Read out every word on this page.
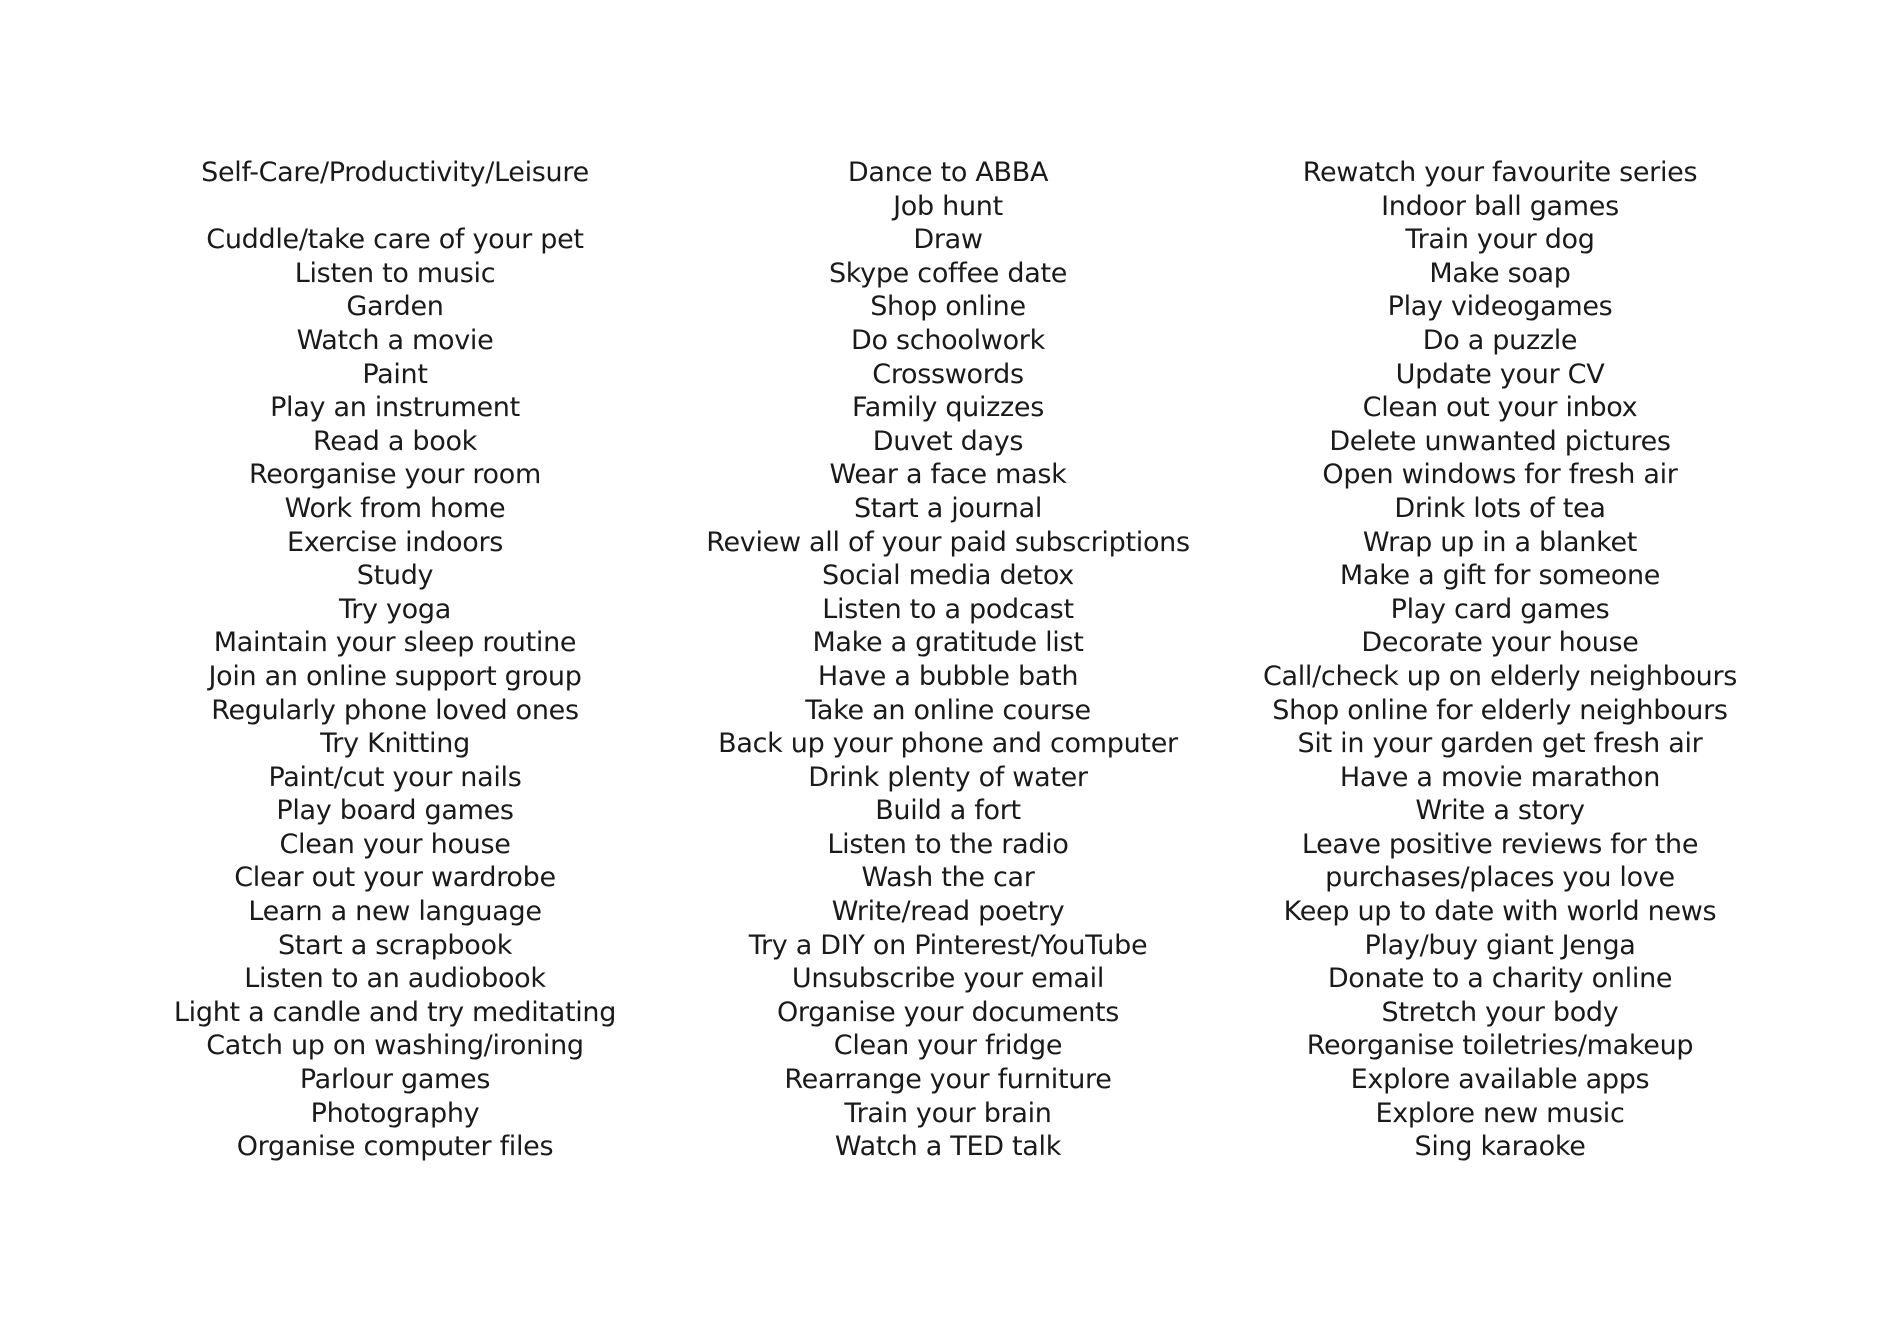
Self-Care/Productivity/Leisure
Cuddle/take care of your pet
Listen to music
Garden
Watch a movie
Paint
Play an instrument
Read a book
Reorganise your room
Work from home
Exercise indoors
Study
Try yoga
Maintain your sleep routine
Join an online support group
Regularly phone loved ones
Try Knitting
Paint/cut your nails
Play board games
Clean your house
Clear out your wardrobe
Learn a new language
Start a scrapbook
Listen to an audiobook
Light a candle and try meditating
Catch up on washing/ironing
Parlour games
Photography
Organise computer files
Dance to ABBA
Job hunt
Draw
Skype coffee date
Shop online
Do schoolwork
Crosswords
Family quizzes
Duvet days
Wear a face mask
Start a journal
Review all of your paid subscriptions
Social media detox
Listen to a podcast
Make a gratitude list
Have a bubble bath
Take an online course
Back up your phone and computer
Drink plenty of water
Build a fort
Listen to the radio
Wash the car
Write/read poetry
Try a DIY on Pinterest/YouTube
Unsubscribe your email
Organise your documents
Clean your fridge
Rearrange your furniture
Train your brain
Watch a TED talk
Rewatch your favourite series
Indoor ball games
Train your dog
Make soap
Play videogames
Do a puzzle
Update your CV
Clean out your inbox
Delete unwanted pictures
Open windows for fresh air
Drink lots of tea
Wrap up in a blanket
Make a gift for someone
Play card games
Decorate your house
Call/check up on elderly neighbours
Shop online for elderly neighbours
Sit in your garden get fresh air
Have a movie marathon
Write a story
Leave positive reviews for the
purchases/places you love
Keep up to date with world news
Play/buy giant Jenga
Donate to a charity online
Stretch your body
Reorganise toiletries/makeup
Explore available apps
Explore new music
Sing karaoke
